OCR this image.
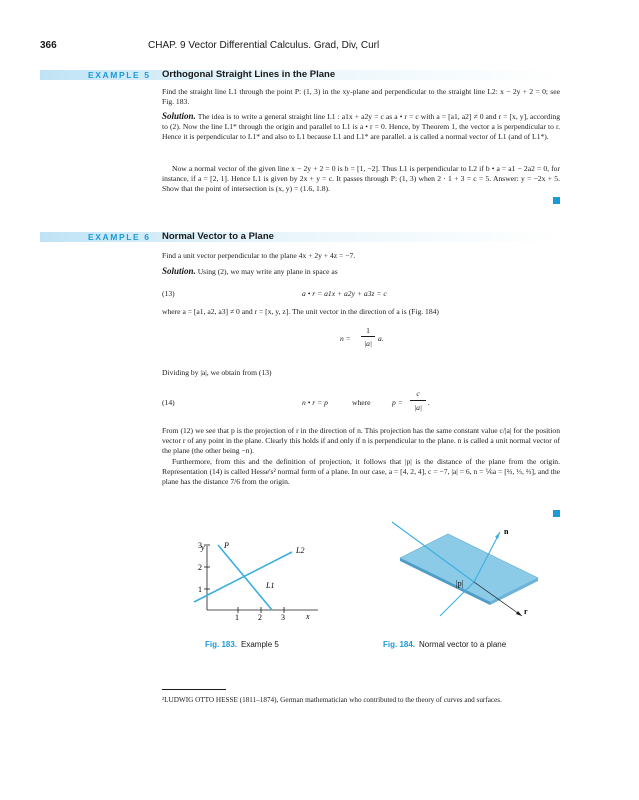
366	CHAP. 9 Vector Differential Calculus. Grad, Div, Curl
EXAMPLE 5 Orthogonal Straight Lines in the Plane

Find the straight line L1 through the point P: (1, 3) in the xy-plane and perpendicular to the straight line L2: x − 2y + 2 = 0; see Fig. 183.

Solution. The idea is to write a general straight line L1 : a1x + a2y = c as a • r = c with a = [a1, a2] ≠ 0 and r = [x, y], according to (2). Now the line L1* through the origin and parallel to L1 is a • r = 0. Hence, by Theorem 1, the vector a is perpendicular to r. Hence it is perpendicular to L1* and also to L1 because L1 and L1* are parallel. a is called a normal vector of L1 (and of L1*).

Now a normal vector of the given line x − 2y + 2 = 0 is b = [1, −2]. Thus L1 is perpendicular to L2 if b • a = a1 − 2a2 = 0, for instance, if a = [2, 1]. Hence L1 is given by 2x + y = c. It passes through P: (1, 3) when 2 · 1 + 3 = c = 5. Answer: y = −2x + 5. Show that the point of intersection is (x, y) = (1.6, 1.8).

EXAMPLE 6 Normal Vector to a Plane

Find a unit vector perpendicular to the plane 4x + 2y + 4z = −7.

Solution. Using (2), we may write any plane in space as

(13)	a • r = a1x + a2y + a3z = c

where a = [a1, a2, a3] ≠ 0 and r = [x, y, z]. The unit vector in the direction of a is (Fig. 184)

n =
1
|a|
a.

Dividing by |a|, we obtain from (13)

(14)	n • r = p	where	p =
c
|a|
.

From (12) we see that p is the projection of r in the direction of n. This projection has the same constant value c/|a| for the position vector r of any point in the plane. Clearly this holds if and only if n is perpendicular to the plane. n is called a unit normal vector of the plane (the other being −n).

Furthermore, from this and the definition of projection, it follows that |p| is the distance of the plane from the origin. Representation (14) is called Hesse's² normal form of a plane. In our case, a = [4, 2, 4], c = −7, |a| = 6, n = ⅙a = [⅔, ⅓, ⅔], and the plane has the distance 7/6 from the origin.

y
x
1
2
3
1 2 3
P
L1
L2
Fig. 183. Example 5
n
|p|
r
Fig. 184. Normal vector to a plane

²LUDWIG OTTO HESSE (1811–1874), German mathematician who contributed to the theory of curves and surfaces.
